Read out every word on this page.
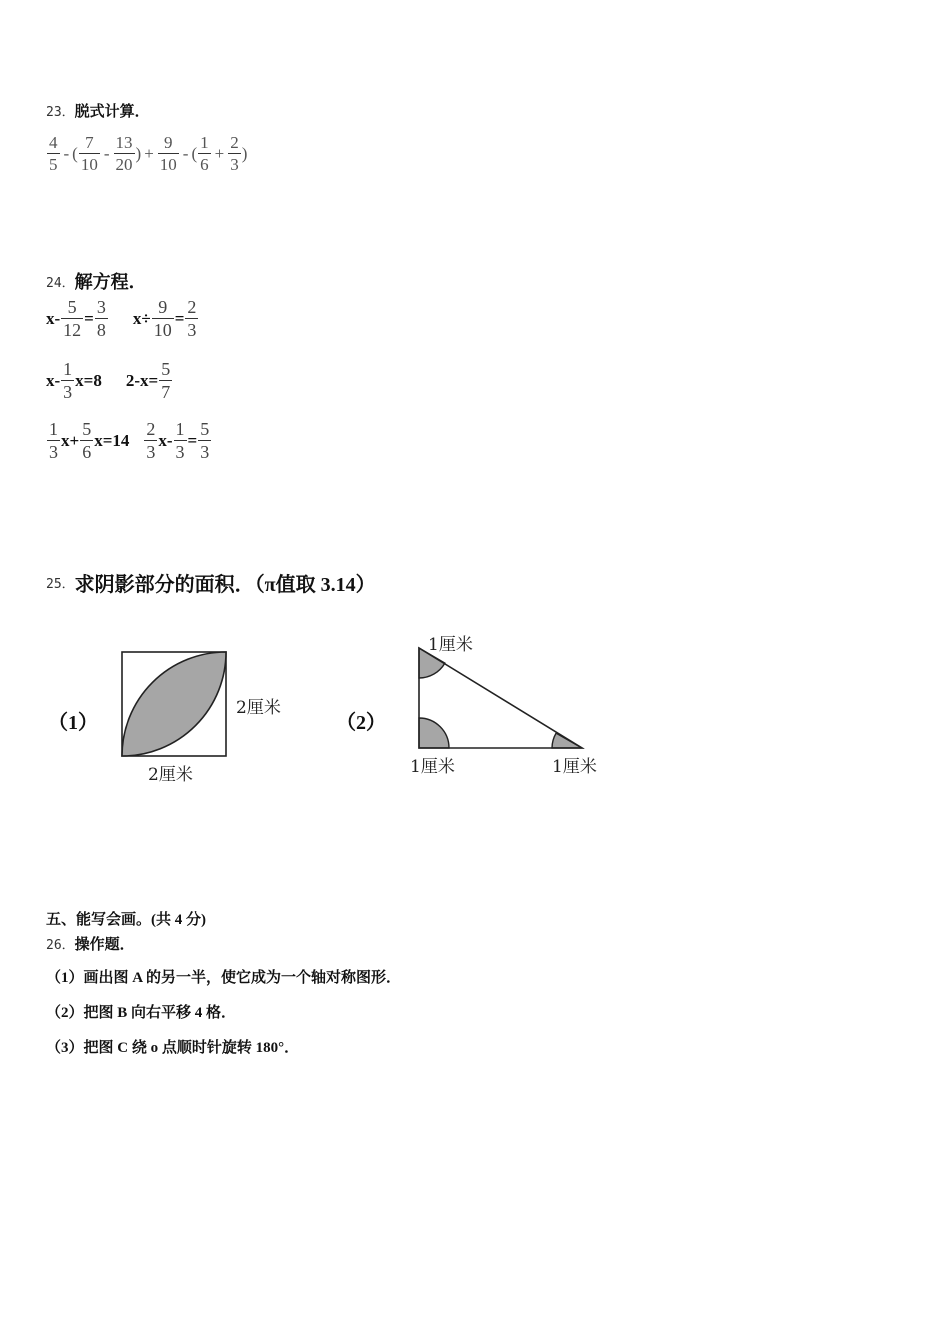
23． 脱式计算．
$\frac{4}{5}$ - ( $\frac{7}{10} - \frac{13}{20}$ ) + $\frac{9}{10}$ - ( $\frac{1}{6} + \frac{2}{3}$ )
24． 解方程．
$x- \frac{5}{12} = \frac{3}{8} x\div \frac{9}{10} = \frac{2}{3}$
$x- \frac{1}{3} x=8$ $2-x= \frac{5}{7}$
$\frac{1}{3} x+ \frac{5}{6} x=14 \frac{2}{3} x- \frac{1}{3} = \frac{5}{3}$
25． 求阴影部分的面积．（π值取 3.14）
（1）	（2）
2厘米
2厘米
1厘米
1厘米	1厘米
五、能写会画。(共 4 分)
26． 操作题．
（1）画出图 A 的另一半，使它成为一个轴对称图形．
（2）把图 B 向右平移 4 格．
（3）把图 C 绕 o 点顺时针旋转 180°．
